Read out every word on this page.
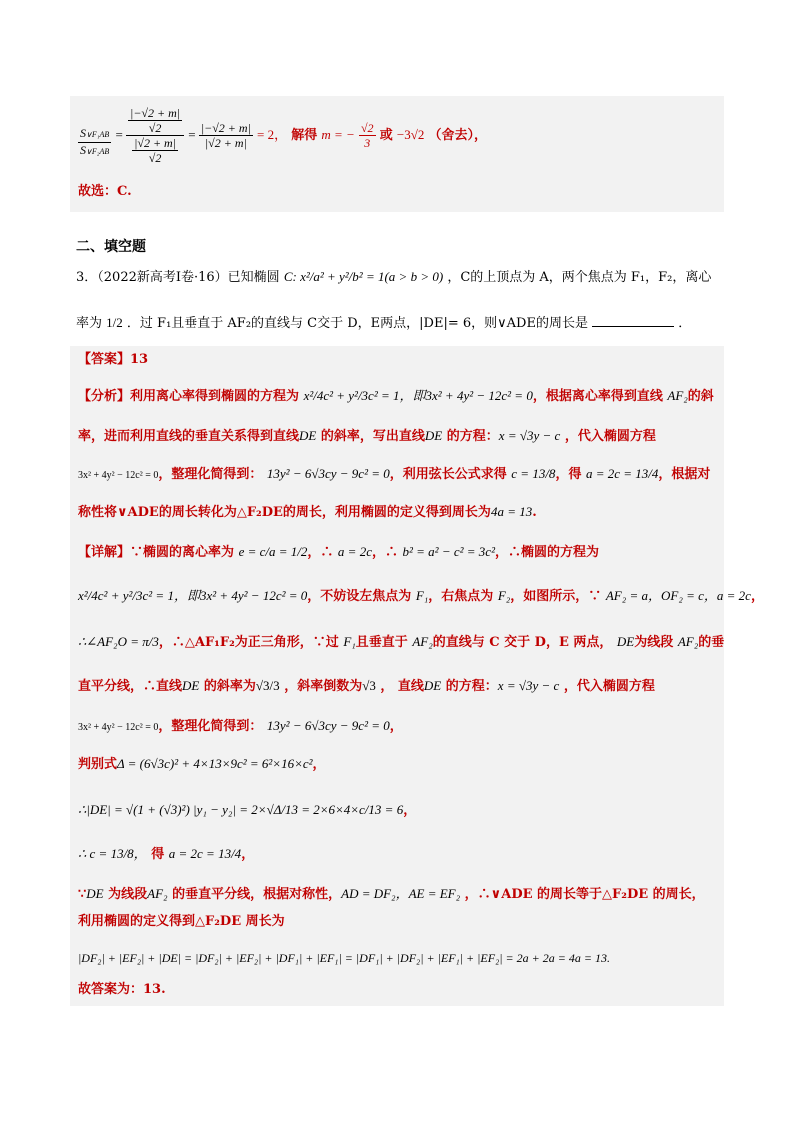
$\frac{\text{S∨F₁AB}}{\text{S∨F₂AB}} = \frac{\frac{|-√2 + m|}{√2}}{\frac{|√2 + m|}{√2}} = \frac{|-√2 + m|}{|√2 + m|} = 2$， 解得 m = − $\frac{√2}{3}$ 或 −3√2 （舍去），
故选：C.
二、填空题
3．（2022新高考Ⅰ卷·16）已知椭圆 C: x²/a² + y²/b² = 1(a > b > 0) ，C的上顶点为 A，两个焦点为 F₁，F₂，离心
率为 1/2 ．过 F₁且垂直于 AF₂的直线与 C交于 D，E两点，|DE|= 6，则∨ADE的周长是	．
【答案】13
【分析】利用离心率得到椭圆的方程为 x²/4c² + y²/3c² = 1，即3x² + 4y² − 12c² = 0，根据离心率得到直线 AF₂的斜
率，进而利用直线的垂直关系得到直线DE 的斜率，写出直线DE 的方程：x = √3y − c ，代入椭圆方程
3x² + 4y² − 12c² = 0，整理化简得到： 13y² − 6√3cy − 9c² = 0，利用弦长公式求得 c = 13/8，得 a = 2c = 13/4，根据对
称性将∨ADE的周长转化为△F₂DE的周长，利用椭圆的定义得到周长为4a = 13.
【详解】∵椭圆的离心率为 e = c/a = 1/2，∴ a = 2c，∴ b² = a² − c² = 3c²，∴椭圆的方程为
x²/4c² + y²/3c² = 1，即3x² + 4y² − 12c² = 0，不妨设左焦点为 F₁，右焦点为 F₂，如图所示，∵ AF₂ = a，OF₂ = c，a = 2c，
∴∠AF₂O = π/3，∴△AF₁F₂为正三角形，∵过 F₁且垂直于 AF₂的直线与 C 交于 D，E 两点， DE为线段 AF₂的垂
直平分线，∴直线DE 的斜率为√3/3 ，斜率倒数为√3 ， 直线DE 的方程：x = √3y − c ，代入椭圆方程
3x² + 4y² − 12c² = 0，整理化简得到： 13y² − 6√3cy − 9c² = 0，
判别式Δ = (6√3c)² + 4×13×9c² = 6²×16×c²，
∴|DE| = √(1 + (√3)²) |y₁ − y₂| = 2×√Δ/13 = 2×6×4×c/13 = 6，
∴ c = 13/8， 得 a = 2c = 13/4，
∵DE 为线段AF₂ 的垂直平分线，根据对称性，AD = DF₂，AE = EF₂ ，∴∨ADE 的周长等于△F₂DE 的周长，
利用椭圆的定义得到△F₂DE 周长为
|DF₂| + |EF₂| + |DE| = |DF₂| + |EF₂| + |DF₁| + |EF₁| = |DF₁| + |DF₂| + |EF₁| + |EF₂| = 2a + 2a = 4a = 13.
故答案为：13.
